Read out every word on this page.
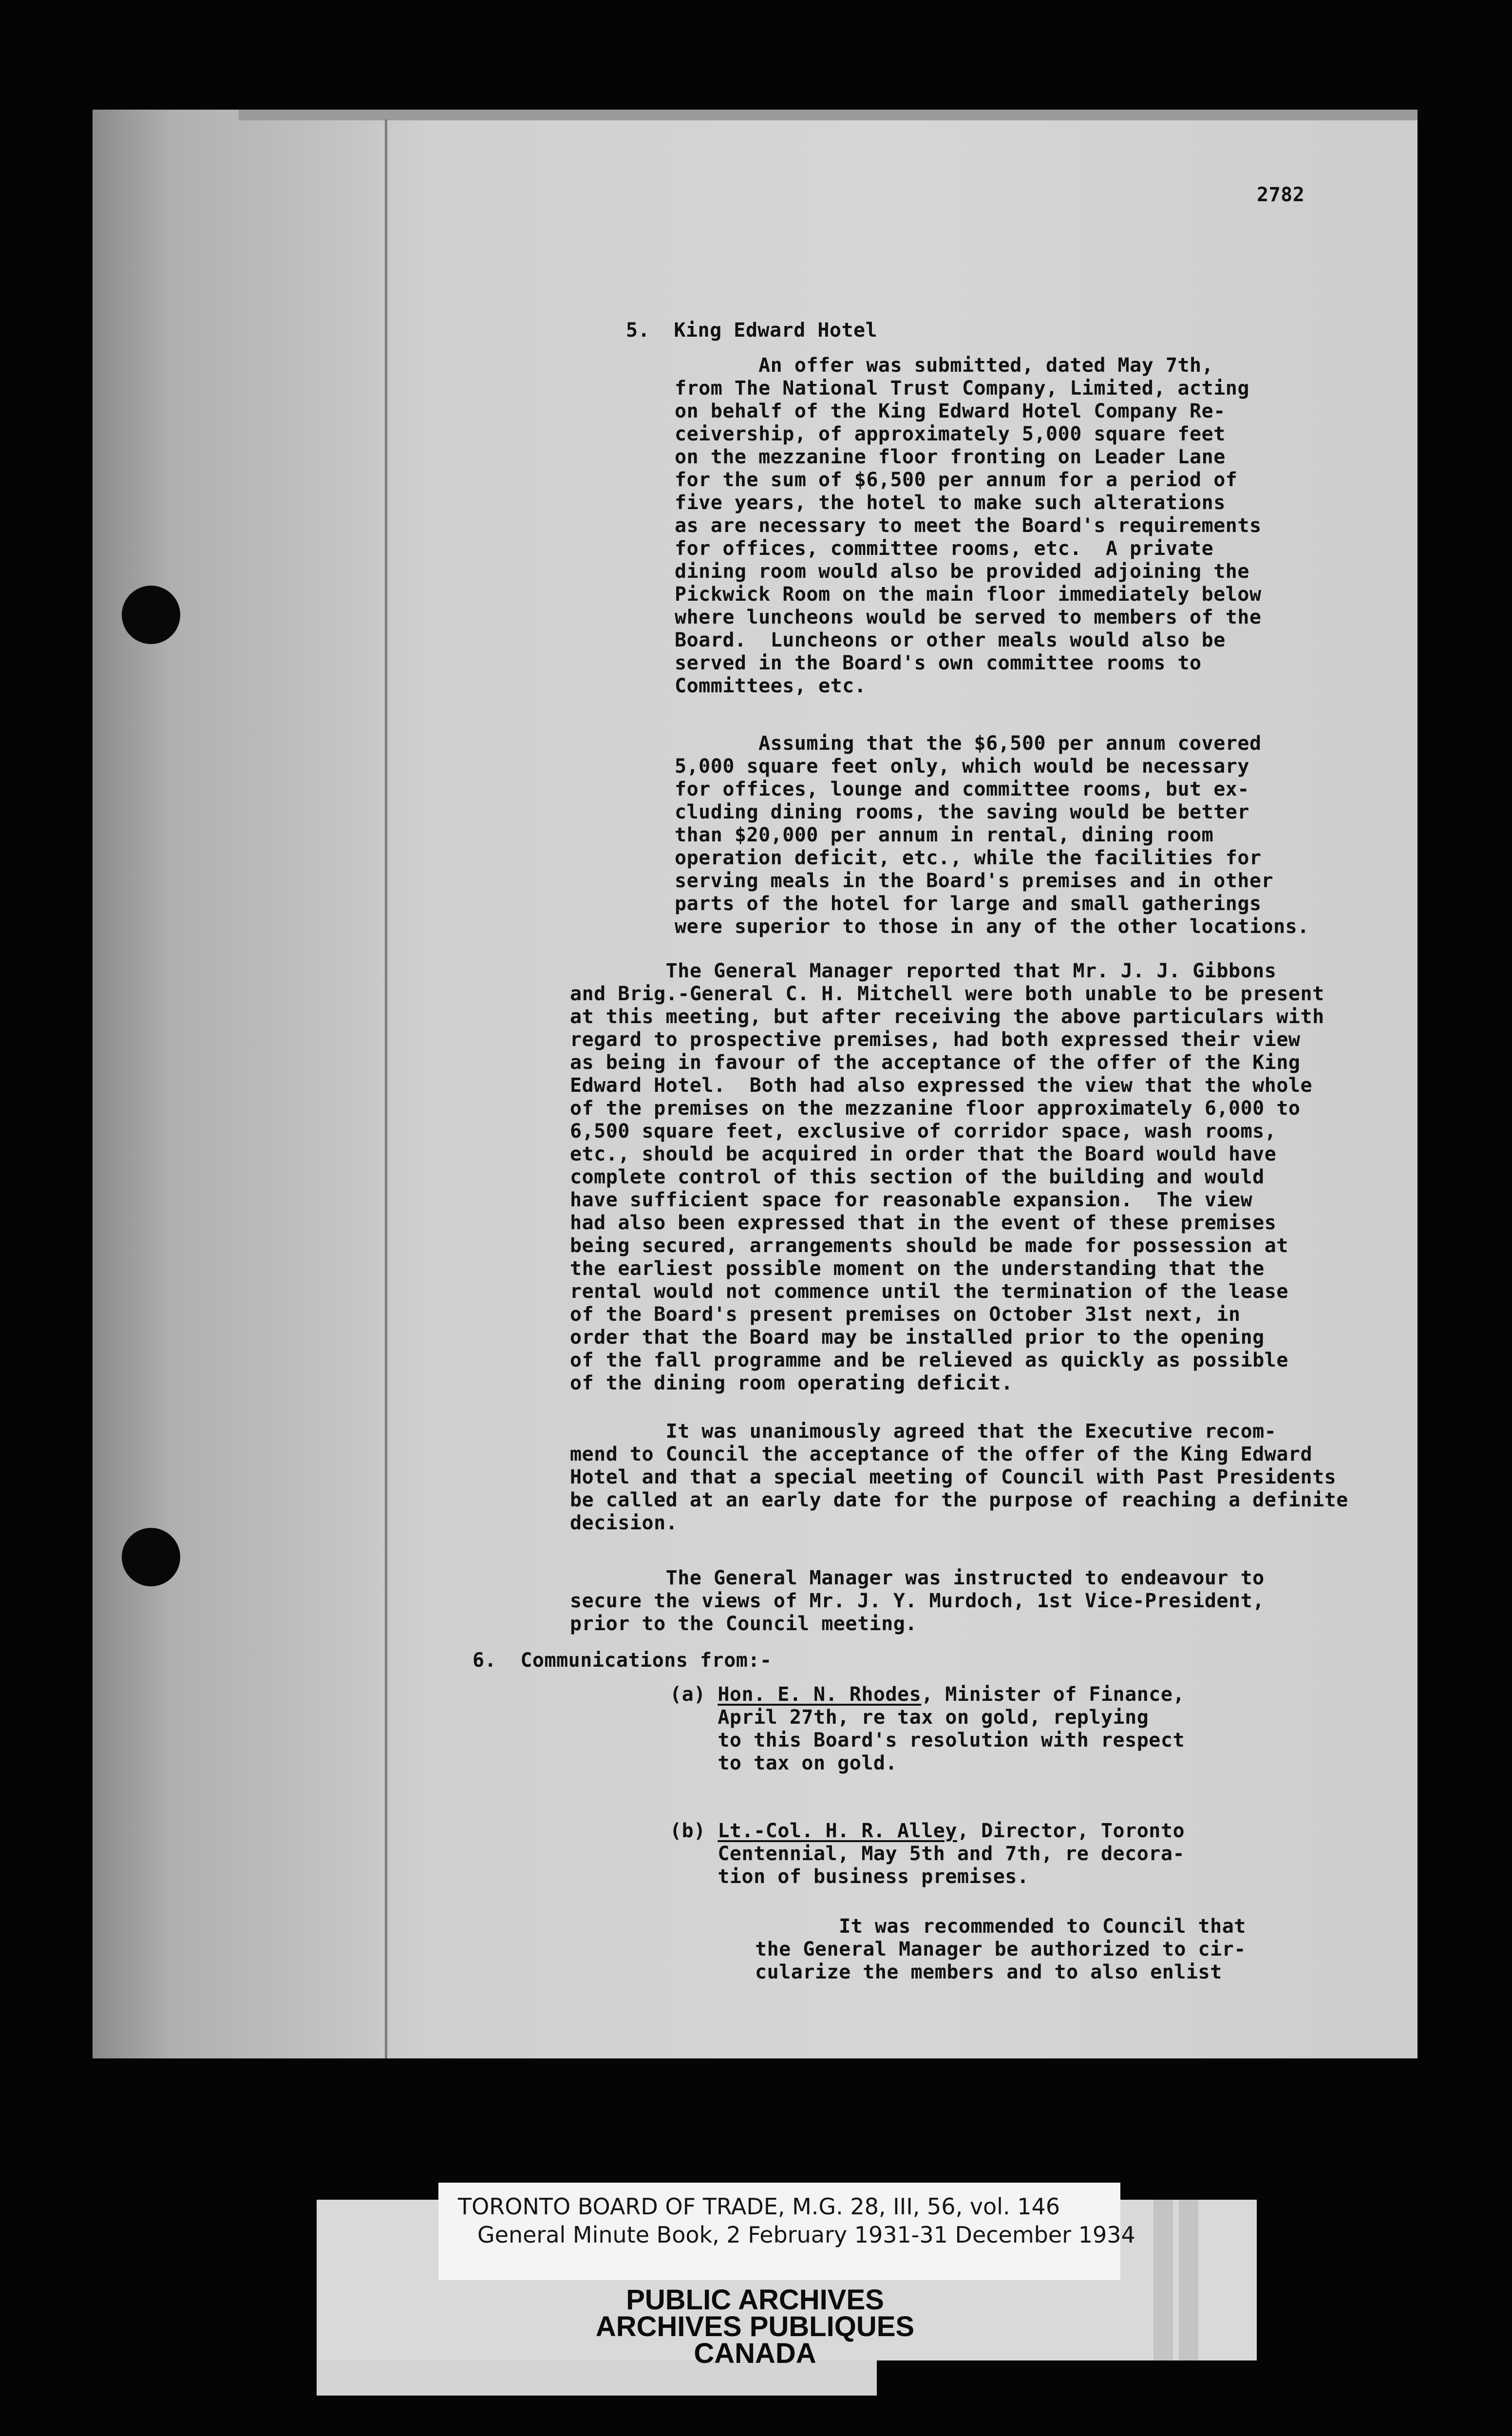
2782

5.  King Edward Hotel

An offer was submitted, dated May 7th,
from The National Trust Company, Limited, acting
on behalf of the King Edward Hotel Company Re-
ceivership, of approximately 5,000 square feet
on the mezzanine floor fronting on Leader Lane
for the sum of $6,500 per annum for a period of
five years, the hotel to make such alterations
as are necessary to meet the Board's requirements
for offices, committee rooms, etc.  A private
dining room would also be provided adjoining the
Pickwick Room on the main floor immediately below
where luncheons would be served to members of the
Board.  Luncheons or other meals would also be
served in the Board's own committee rooms to
Committees, etc.

Assuming that the $6,500 per annum covered
5,000 square feet only, which would be necessary
for offices, lounge and committee rooms, but ex-
cluding dining rooms, the saving would be better
than $20,000 per annum in rental, dining room
operation deficit, etc., while the facilities for
serving meals in the Board's premises and in other
parts of the hotel for large and small gatherings
were superior to those in any of the other locations.

The General Manager reported that Mr. J. J. Gibbons
and Brig.-General C. H. Mitchell were both unable to be present
at this meeting, but after receiving the above particulars with
regard to prospective premises, had both expressed their view
as being in favour of the acceptance of the offer of the King
Edward Hotel.  Both had also expressed the view that the whole
of the premises on the mezzanine floor approximately 6,000 to
6,500 square feet, exclusive of corridor space, wash rooms,
etc., should be acquired in order that the Board would have
complete control of this section of the building and would
have sufficient space for reasonable expansion.  The view
had also been expressed that in the event of these premises
being secured, arrangements should be made for possession at
the earliest possible moment on the understanding that the
rental would not commence until the termination of the lease
of the Board's present premises on October 31st next, in
order that the Board may be installed prior to the opening
of the fall programme and be relieved as quickly as possible
of the dining room operating deficit.

It was unanimously agreed that the Executive recom-
mend to Council the acceptance of the offer of the King Edward
Hotel and that a special meeting of Council with Past Presidents
be called at an early date for the purpose of reaching a definite
decision.

The General Manager was instructed to endeavour to
secure the views of Mr. J. Y. Murdoch, 1st Vice-President,
prior to the Council meeting.

6.  Communications from:-

(a) Hon. E. N. Rhodes, Minister of Finance,
April 27th, re tax on gold, replying
to this Board's resolution with respect
to tax on gold.

(b) Lt.-Col. H. R. Alley, Director, Toronto
Centennial, May 5th and 7th, re decora-
tion of business premises.

It was recommended to Council that
the General Manager be authorized to cir-
cularize the members and to also enlist

TORONTO BOARD OF TRADE, M.G. 28, III, 56, vol. 146

General Minute Book, 2 February 1931-31 December 1934

PUBLIC ARCHIVES

ARCHIVES PUBLIQUES

CANADA
